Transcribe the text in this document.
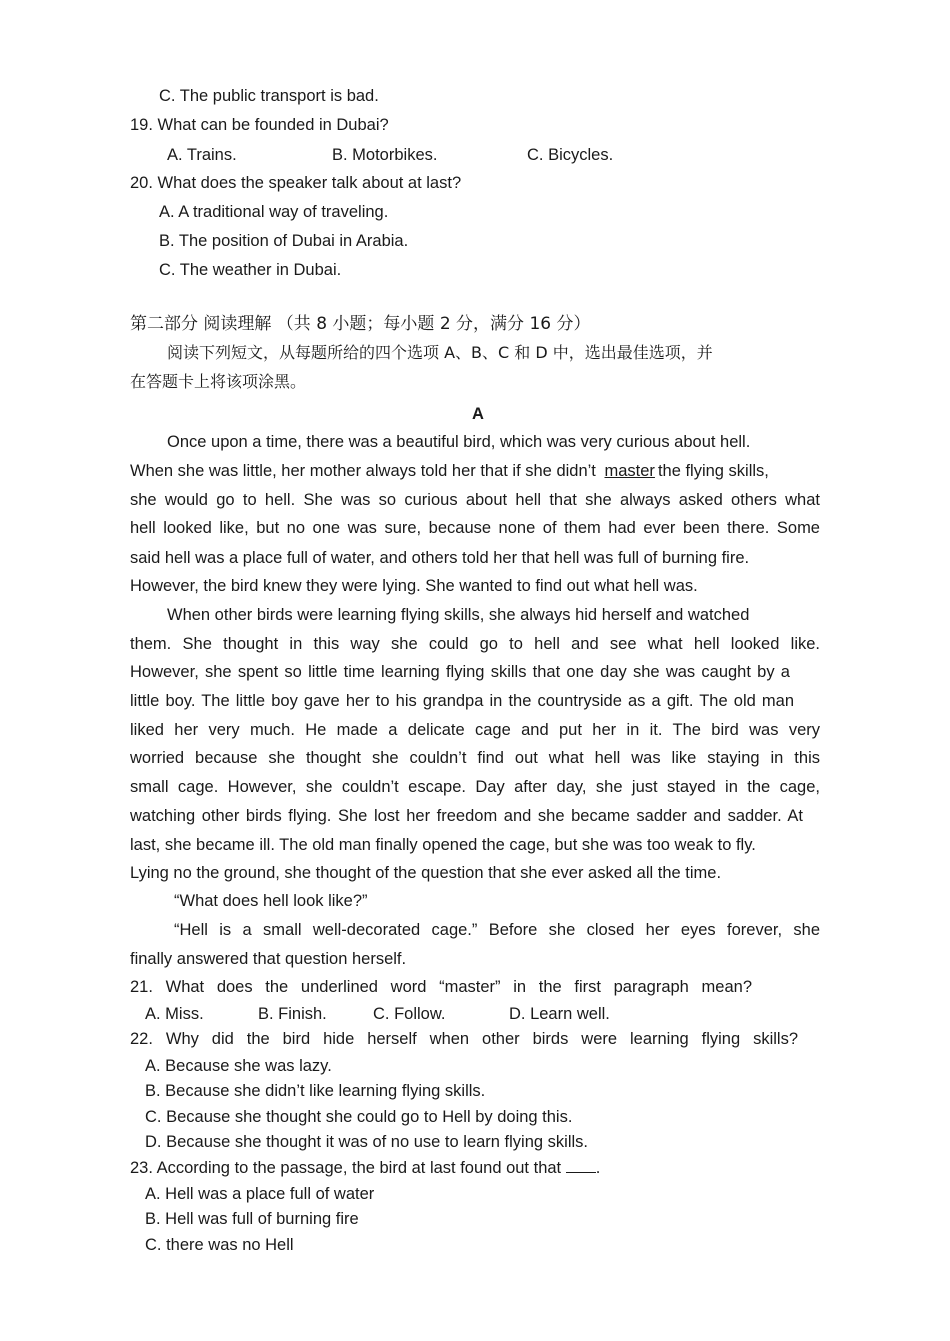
C. The public transport is bad.
19. What can be founded in Dubai?
A. Trains.	B. Motorbikes.	C. Bicycles.
20. What does the speaker talk about at last?
A. A traditional way of traveling.
B. The position of Dubai in Arabia.
C. The weather in Dubai.
第二部分 阅读理解 （共 8 小题；每小题 2 分，满分 16 分）
阅读下列短文，从每题所给的四个选项 A、B、C 和 D 中，选出最佳选项，并
在答题卡上将该项涂黑。
A
Once upon a time, there was a beautiful bird, which was very curious about hell.
When she was little, her mother always told her that if she didn’t master the flying skills,
she would go to hell. She was so curious about hell that she always asked others what
hell looked like, but no one was sure, because none of them had ever been there. Some
said hell was a place full of water, and others told her that hell was full of burning fire.
However, the bird knew they were lying. She wanted to find out what hell was.
When other birds were learning flying skills, she always hid herself and watched
them. She thought in this way she could go to hell and see what hell looked like.
However, she spent so little time learning flying skills that one day she was caught by a
little boy. The little boy gave her to his grandpa in the countryside as a gift. The old man
liked her very much. He made a delicate cage and put her in it. The bird was very
worried because she thought she couldn’t find out what hell was like staying in this
small cage. However, she couldn’t escape. Day after day, she just stayed in the cage,
watching other birds flying. She lost her freedom and she became sadder and sadder. At
last, she became ill. The old man finally opened the cage, but she was too weak to fly.
Lying no the ground, she thought of the question that she ever asked all the time.
“What does hell look like?”
“Hell is a small well-decorated cage.” Before she closed her eyes forever, she
finally answered that question herself.
21. What does the underlined word “master” in the first paragraph mean?
A. Miss.	B. Finish.	C. Follow.	D. Learn well.
22. Why did the bird hide herself when other birds were learning flying skills?
A. Because she was lazy.
B. Because she didn’t like learning flying skills.
C. Because she thought she could go to Hell by doing this.
D. Because she thought it was of no use to learn flying skills.
23. According to the passage, the bird at last found out that .
A. Hell was a place full of water
B. Hell was full of burning fire
C. there was no Hell
